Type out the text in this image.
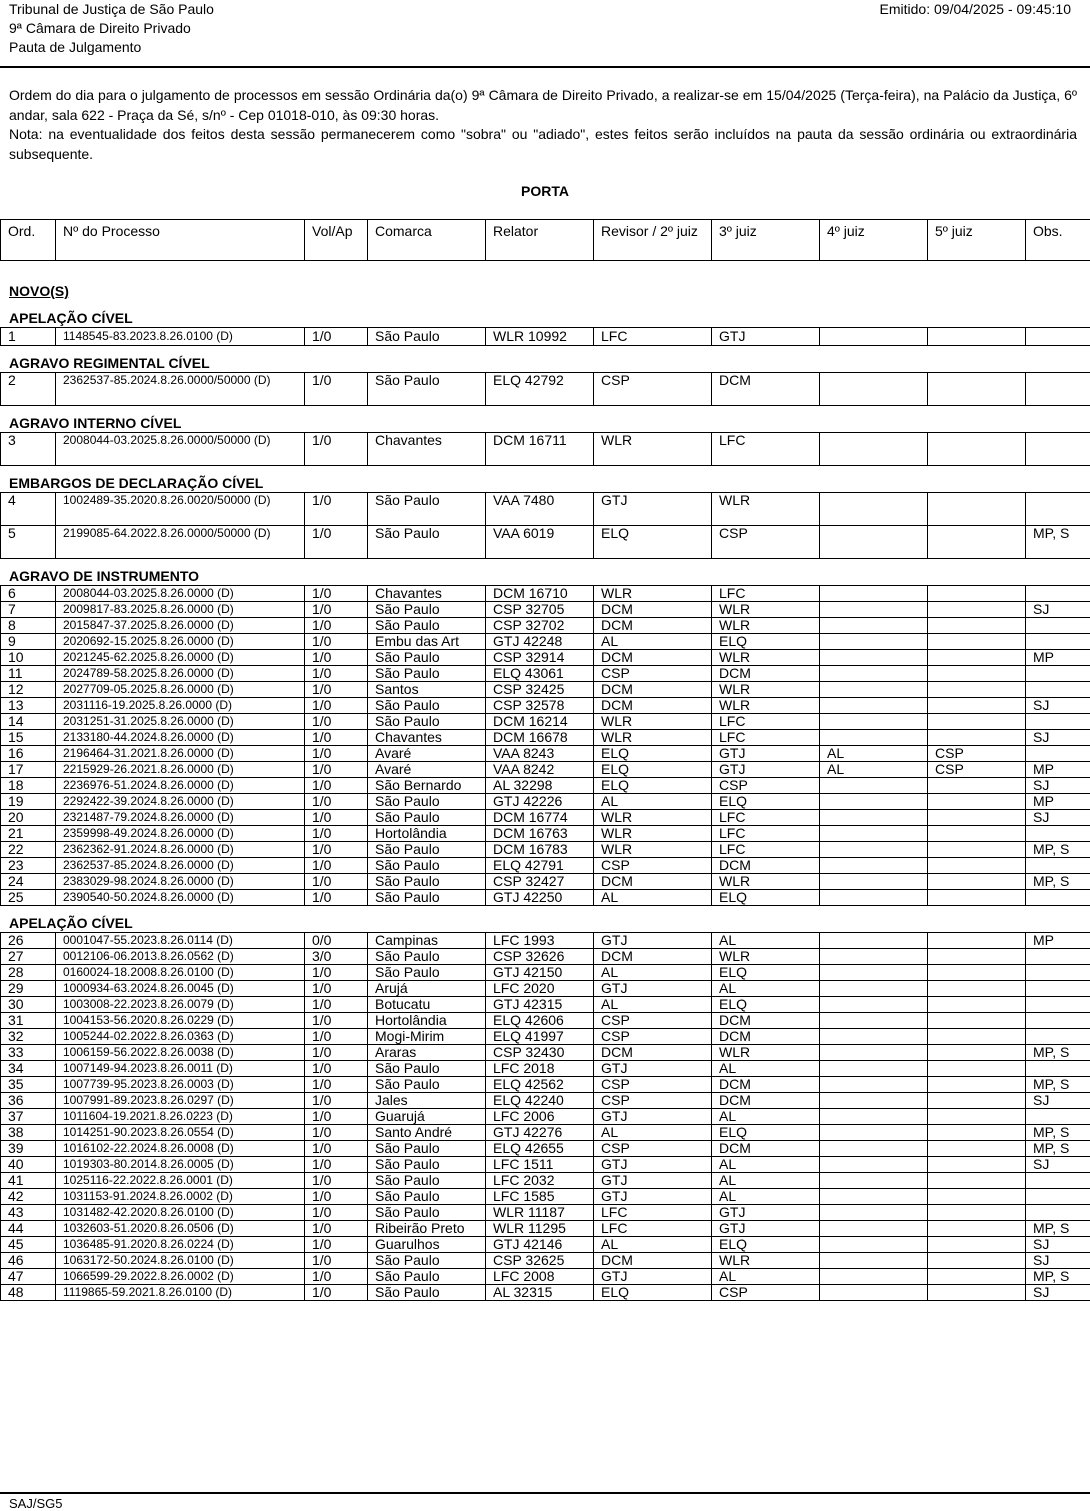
Tribunal de Justiça de São Paulo
9ª Câmara de Direito Privado
Pauta de Julgamento
Emitido: 09/04/2025 - 09:45:10

Ordem do dia para o julgamento de processos em sessão Ordinária da(o) 9ª Câmara de Direito Privado, a realizar-se em 15/04/2025 (Terça-feira), na Palácio da Justiça, 6º andar, sala 622 - Praça da Sé, s/nº - Cep 01018-010, às 09:30 horas.

Nota: na eventualidade dos feitos desta sessão permanecerem como "sobra" ou "adiado", estes feitos serão incluídos na pauta da sessão ordinária ou extraordinária subsequente.

PORTA
Ord.	Nº do Processo	Vol/Ap	Comarca	Relator	Revisor / 2º juiz	3º juiz	4º juiz	5º juiz	Obs.
NOVO(S)
APELAÇÃO CÍVEL
1	1148545-83.2023.8.26.0100 (D)	1/0	São Paulo	WLR 10992	LFC	GTJ			
AGRAVO REGIMENTAL CÍVEL
2	2362537-85.2024.8.26.0000/50000 (D)	1/0	São Paulo	ELQ 42792	CSP	DCM			
AGRAVO INTERNO CÍVEL
3	2008044-03.2025.8.26.0000/50000 (D)	1/0	Chavantes	DCM 16711	WLR	LFC			
EMBARGOS DE DECLARAÇÃO CÍVEL
4	1002489-35.2020.8.26.0020/50000 (D)	1/0	São Paulo	VAA 7480	GTJ	WLR			
5	2199085-64.2022.8.26.0000/50000 (D)	1/0	São Paulo	VAA 6019	ELQ	CSP			MP, S
AGRAVO DE INSTRUMENTO
6	2008044-03.2025.8.26.0000 (D)	1/0	Chavantes	DCM 16710	WLR	LFC			
7	2009817-83.2025.8.26.0000 (D)	1/0	São Paulo	CSP 32705	DCM	WLR			SJ
8	2015847-37.2025.8.26.0000 (D)	1/0	São Paulo	CSP 32702	DCM	WLR			
9	2020692-15.2025.8.26.0000 (D)	1/0	Embu das Art	GTJ 42248	AL	ELQ			
10	2021245-62.2025.8.26.0000 (D)	1/0	São Paulo	CSP 32914	DCM	WLR			MP
11	2024789-58.2025.8.26.0000 (D)	1/0	São Paulo	ELQ 43061	CSP	DCM			
12	2027709-05.2025.8.26.0000 (D)	1/0	Santos	CSP 32425	DCM	WLR			
13	2031116-19.2025.8.26.0000 (D)	1/0	São Paulo	CSP 32578	DCM	WLR			SJ
14	2031251-31.2025.8.26.0000 (D)	1/0	São Paulo	DCM 16214	WLR	LFC			
15	2133180-44.2024.8.26.0000 (D)	1/0	Chavantes	DCM 16678	WLR	LFC			SJ
16	2196464-31.2021.8.26.0000 (D)	1/0	Avaré	VAA 8243	ELQ	GTJ	AL	CSP	
17	2215929-26.2021.8.26.0000 (D)	1/0	Avaré	VAA 8242	ELQ	GTJ	AL	CSP	MP
18	2236976-51.2024.8.26.0000 (D)	1/0	São Bernardo	AL 32298	ELQ	CSP			SJ
19	2292422-39.2024.8.26.0000 (D)	1/0	São Paulo	GTJ 42226	AL	ELQ			MP
20	2321487-79.2024.8.26.0000 (D)	1/0	São Paulo	DCM 16774	WLR	LFC			SJ
21	2359998-49.2024.8.26.0000 (D)	1/0	Hortolândia	DCM 16763	WLR	LFC			
22	2362362-91.2024.8.26.0000 (D)	1/0	São Paulo	DCM 16783	WLR	LFC			MP, S
23	2362537-85.2024.8.26.0000 (D)	1/0	São Paulo	ELQ 42791	CSP	DCM			
24	2383029-98.2024.8.26.0000 (D)	1/0	São Paulo	CSP 32427	DCM	WLR			MP, S
25	2390540-50.2024.8.26.0000 (D)	1/0	São Paulo	GTJ 42250	AL	ELQ			
APELAÇÃO CÍVEL
26	0001047-55.2023.8.26.0114 (D)	0/0	Campinas	LFC 1993	GTJ	AL			MP
27	0012106-06.2013.8.26.0562 (D)	3/0	São Paulo	CSP 32626	DCM	WLR			
28	0160024-18.2008.8.26.0100 (D)	1/0	São Paulo	GTJ 42150	AL	ELQ			
29	1000934-63.2024.8.26.0045 (D)	1/0	Arujá	LFC 2020	GTJ	AL			
30	1003008-22.2023.8.26.0079 (D)	1/0	Botucatu	GTJ 42315	AL	ELQ			
31	1004153-56.2020.8.26.0229 (D)	1/0	Hortolândia	ELQ 42606	CSP	DCM			
32	1005244-02.2022.8.26.0363 (D)	1/0	Mogi-Mirim	ELQ 41997	CSP	DCM			
33	1006159-56.2022.8.26.0038 (D)	1/0	Araras	CSP 32430	DCM	WLR			MP, S
34	1007149-94.2023.8.26.0011 (D)	1/0	São Paulo	LFC 2018	GTJ	AL			
35	1007739-95.2023.8.26.0003 (D)	1/0	São Paulo	ELQ 42562	CSP	DCM			MP, S
36	1007991-89.2023.8.26.0297 (D)	1/0	Jales	ELQ 42240	CSP	DCM			SJ
37	1011604-19.2021.8.26.0223 (D)	1/0	Guarujá	LFC 2006	GTJ	AL			
38	1014251-90.2023.8.26.0554 (D)	1/0	Santo André	GTJ 42276	AL	ELQ			MP, S
39	1016102-22.2024.8.26.0008 (D)	1/0	São Paulo	ELQ 42655	CSP	DCM			MP, S
40	1019303-80.2014.8.26.0005 (D)	1/0	São Paulo	LFC 1511	GTJ	AL			SJ
41	1025116-22.2022.8.26.0001 (D)	1/0	São Paulo	LFC 2032	GTJ	AL			
42	1031153-91.2024.8.26.0002 (D)	1/0	São Paulo	LFC 1585	GTJ	AL			
43	1031482-42.2020.8.26.0100 (D)	1/0	São Paulo	WLR 11187	LFC	GTJ			
44	1032603-51.2020.8.26.0506 (D)	1/0	Ribeirão Preto	WLR 11295	LFC	GTJ			MP, S
45	1036485-91.2020.8.26.0224 (D)	1/0	Guarulhos	GTJ 42146	AL	ELQ			SJ
46	1063172-50.2024.8.26.0100 (D)	1/0	São Paulo	CSP 32625	DCM	WLR			SJ
47	1066599-29.2022.8.26.0002 (D)	1/0	São Paulo	LFC 2008	GTJ	AL			MP, S
48	1119865-59.2021.8.26.0100 (D)	1/0	São Paulo	AL 32315	ELQ	CSP			SJ
SAJ/SG5
